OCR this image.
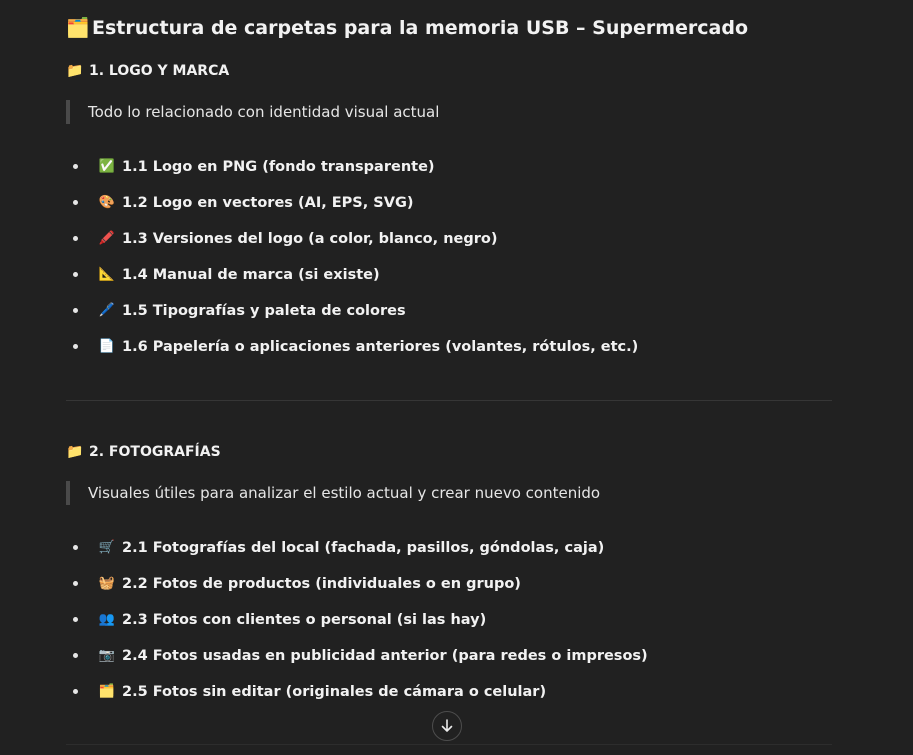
🗂️ Estructura de carpetas para la memoria USB – Supermercado
📁 1. LOGO Y MARCA
Todo lo relacionado con identidad visual actual
✅ 1.1 Logo en PNG (fondo transparente)
🎨 1.2 Logo en vectores (AI, EPS, SVG)
🖍️ 1.3 Versiones del logo (a color, blanco, negro)
📐 1.4 Manual de marca (si existe)
🖊️ 1.5 Tipografías y paleta de colores
📄 1.6 Papelería o aplicaciones anteriores (volantes, rótulos, etc.)
📁 2. FOTOGRAFÍAS
Visuales útiles para analizar el estilo actual y crear nuevo contenido
🛒 2.1 Fotografías del local (fachada, pasillos, góndolas, caja)
🧺 2.2 Fotos de productos (individuales o en grupo)
👥 2.3 Fotos con clientes o personal (si las hay)
📷 2.4 Fotos usadas en publicidad anterior (para redes o impresos)
🗂️ 2.5 Fotos sin editar (originales de cámara o celular)
